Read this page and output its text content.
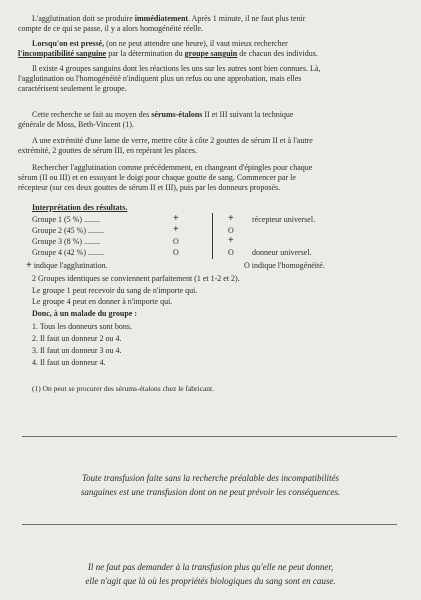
L'agglutination doit se produire immédiatement. Après 1 minute, il ne faut plus tenir
compte de ce qui se passe, il y a alors homogénéité réelle.
Lorsqu'on est pressé, (on ne peut attendre une heure), il vaut mieux rechercher
l'incompatibilité sanguine par la détermination du groupe sanguin de chacun des individus.
Il existe 4 groupes sanguins dont les réactions les uns sur les autres sont bien connues. Là,
l'agglutination ou l'homogénéité n'indiquent plus un refus ou une approbation, mais elles
caractérisent seulement le groupe.
Cette recherche se fait au moyen des sérums-étalons II et III suivant la technique
générale de Moss, Beth-Vincent (1).
A une extrémité d'une lame de verre, mettre côte à côte 2 gouttes de sérum II et à l'autre
extrémité, 2 gouttes de sérum III, en repérant les places.
Rechercher l'agglutination comme précédemment, en changeant d'épingles pour chaque
sérum (II ou III) et en essuyant le doigt pour chaque goutte de sang. Commencer par le
récepteur (sur ces deux gouttes de sérum II et III), puis par les donneurs proposés.
Interprétation des résultats.
Groupe 1 (5 %) ........	+	+ récepteur universel.
Groupe 2 (45 %) ........	+	O
Groupe 3 (8 %) ........	O	+
Groupe 4 (42 %) ........	O	O donneur universel.
+ indique l'agglutination.	O indique l'homogénéité.
2 Groupes identiques se conviennent parfaitement (1 et 1-2 et 2).
Le groupe 1 peut recevoir du sang de n'importe qui.
Le groupe 4 peut en donner à n'importe qui.
Donc, à un malade du groupe :
1. Tous les donneurs sont bons.
2. Il faut un donneur 2 ou 4.
3. Il faut un donneur 3 ou 4.
4. Il faut un donneur 4.
(1) On peut se procurer des sérums-étalons chez le fabricant.
Toute transfusion faite sans la recherche préalable des incompatibilités
sanguines est une transfusion dont on ne peut prévoir les conséquences.
Il ne faut pas demander à la transfusion plus qu'elle ne peut donner,
elle n'agit que là où les propriétés biologiques du sang sont en cause.
